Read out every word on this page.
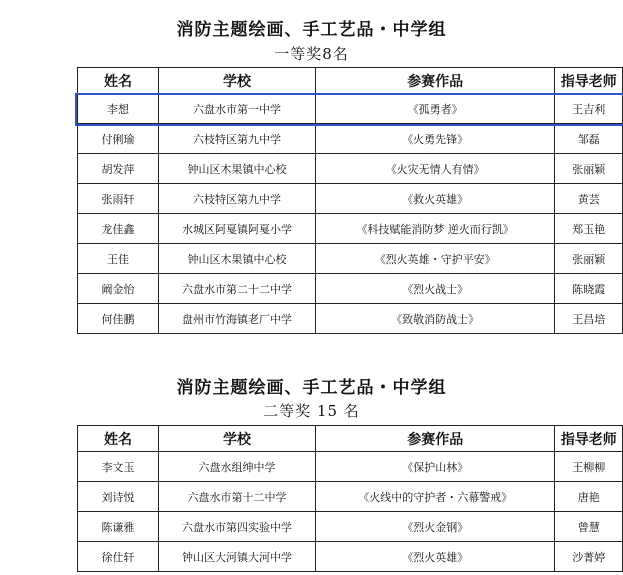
消防主题绘画、手工艺品・中学组
一等奖8名
姓名	学校	参赛作品	指导老师
李想	六盘水市第一中学	《孤勇者》	王吉利
付俐瑜	六枝特区第九中学	《火勇先锋》	邹磊
胡发萍	钟山区木果镇中心校	《火灾无情人有情》	张丽颖
张雨轩	六枝特区第九中学	《救火英雄》	黄芸
龙佳鑫	水城区阿戛镇阿戛小学	《科技赋能消防梦 逆火而行凯》	郑玉艳
王佳	钟山区木果镇中心校	《烈火英雄・守护平安》	张丽颖
阚金怡	六盘水市第二十二中学	《烈火战士》	陈晓霞
何佳鹏	盘州市竹海镇老厂中学	《致敬消防战士》	王昌培
消防主题绘画、手工艺品・中学组
二等奖 15 名
姓名	学校	参赛作品	指导老师
李文玉	六盘水组绅中学	《保护山林》	王柳柳
刘诗悦	六盘水市第十二中学	《火线中的守护者・六幕警戒》	唐艳
陈谦雅	六盘水市第四实验中学	《烈火金钢》	曾慧
徐仕轩	钟山区大河镇大河中学	《烈火英雄》	沙菁婷
